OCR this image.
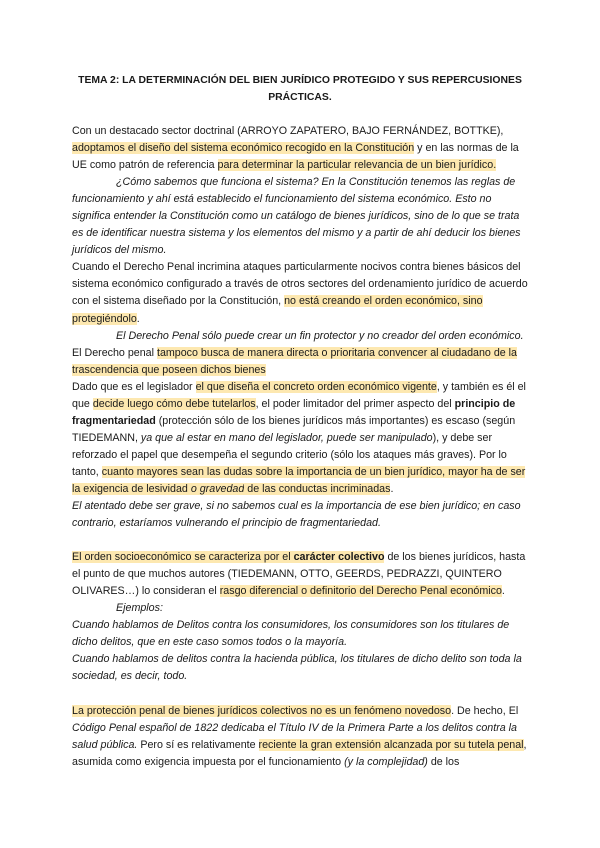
TEMA 2: LA DETERMINACIÓN DEL BIEN JURÍDICO PROTEGIDO Y SUS REPERCUSIONES PRÁCTICAS.

Con un destacado sector doctrinal (ARROYO ZAPATERO, BAJO FERNÁNDEZ, BOTTKE), adoptamos el diseño del sistema económico recogido en la Constitución y en las normas de la UE como patrón de referencia para determinar la particular relevancia de un bien jurídico.

¿Cómo sabemos que funciona el sistema? En la Constitución tenemos las reglas de funcionamiento y ahí está establecido el funcionamiento del sistema económico. Esto no significa entender la Constitución como un catálogo de bienes jurídicos, sino de lo que se trata es de identificar nuestra sistema y los elementos del mismo y a partir de ahí deducir los bienes jurídicos del mismo.

Cuando el Derecho Penal incrimina ataques particularmente nocivos contra bienes básicos del sistema económico configurado a través de otros sectores del ordenamiento jurídico de acuerdo con el sistema diseñado por la Constitución, no está creando el orden económico, sino protegiéndolo.

El Derecho Penal sólo puede crear un fin protector y no creador del orden económico.

El Derecho penal tampoco busca de manera directa o prioritaria convencer al ciudadano de la trascendencia que poseen dichos bienes

Dado que es el legislador el que diseña el concreto orden económico vigente, y también es él el que decide luego cómo debe tutelarlos, el poder limitador del primer aspecto del principio de fragmentariedad (protección sólo de los bienes jurídicos más importantes) es escaso (según TIEDEMANN, ya que al estar en mano del legislador, puede ser manipulado), y debe ser reforzado el papel que desempeña el segundo criterio (sólo los ataques más graves). Por lo tanto, cuanto mayores sean las dudas sobre la importancia de un bien jurídico, mayor ha de ser la exigencia de lesividad o gravedad de las conductas incriminadas.

El atentado debe ser grave, si no sabemos cual es la importancia de ese bien jurídico; en caso contrario, estaríamos vulnerando el principio de fragmentariedad.

El orden socioeconómico se caracteriza por el carácter colectivo de los bienes jurídicos, hasta el punto de que muchos autores (TIEDEMANN, OTTO, GEERDS, PEDRAZZI, QUINTERO OLIVARES…) lo consideran el rasgo diferencial o definitorio del Derecho Penal económico.

Ejemplos:

Cuando hablamos de Delitos contra los consumidores, los consumidores son los titulares de dicho delitos, que en este caso somos todos o la mayoría.

Cuando hablamos de delitos contra la hacienda pública, los titulares de dicho delito son toda la sociedad, es decir, todo.

La protección penal de bienes jurídicos colectivos no es un fenómeno novedoso. De hecho, El Código Penal español de 1822 dedicaba el Título IV de la Primera Parte a los delitos contra la salud pública. Pero sí es relativamente reciente la gran extensión alcanzada por su tutela penal, asumida como exigencia impuesta por el funcionamiento (y la complejidad) de los
